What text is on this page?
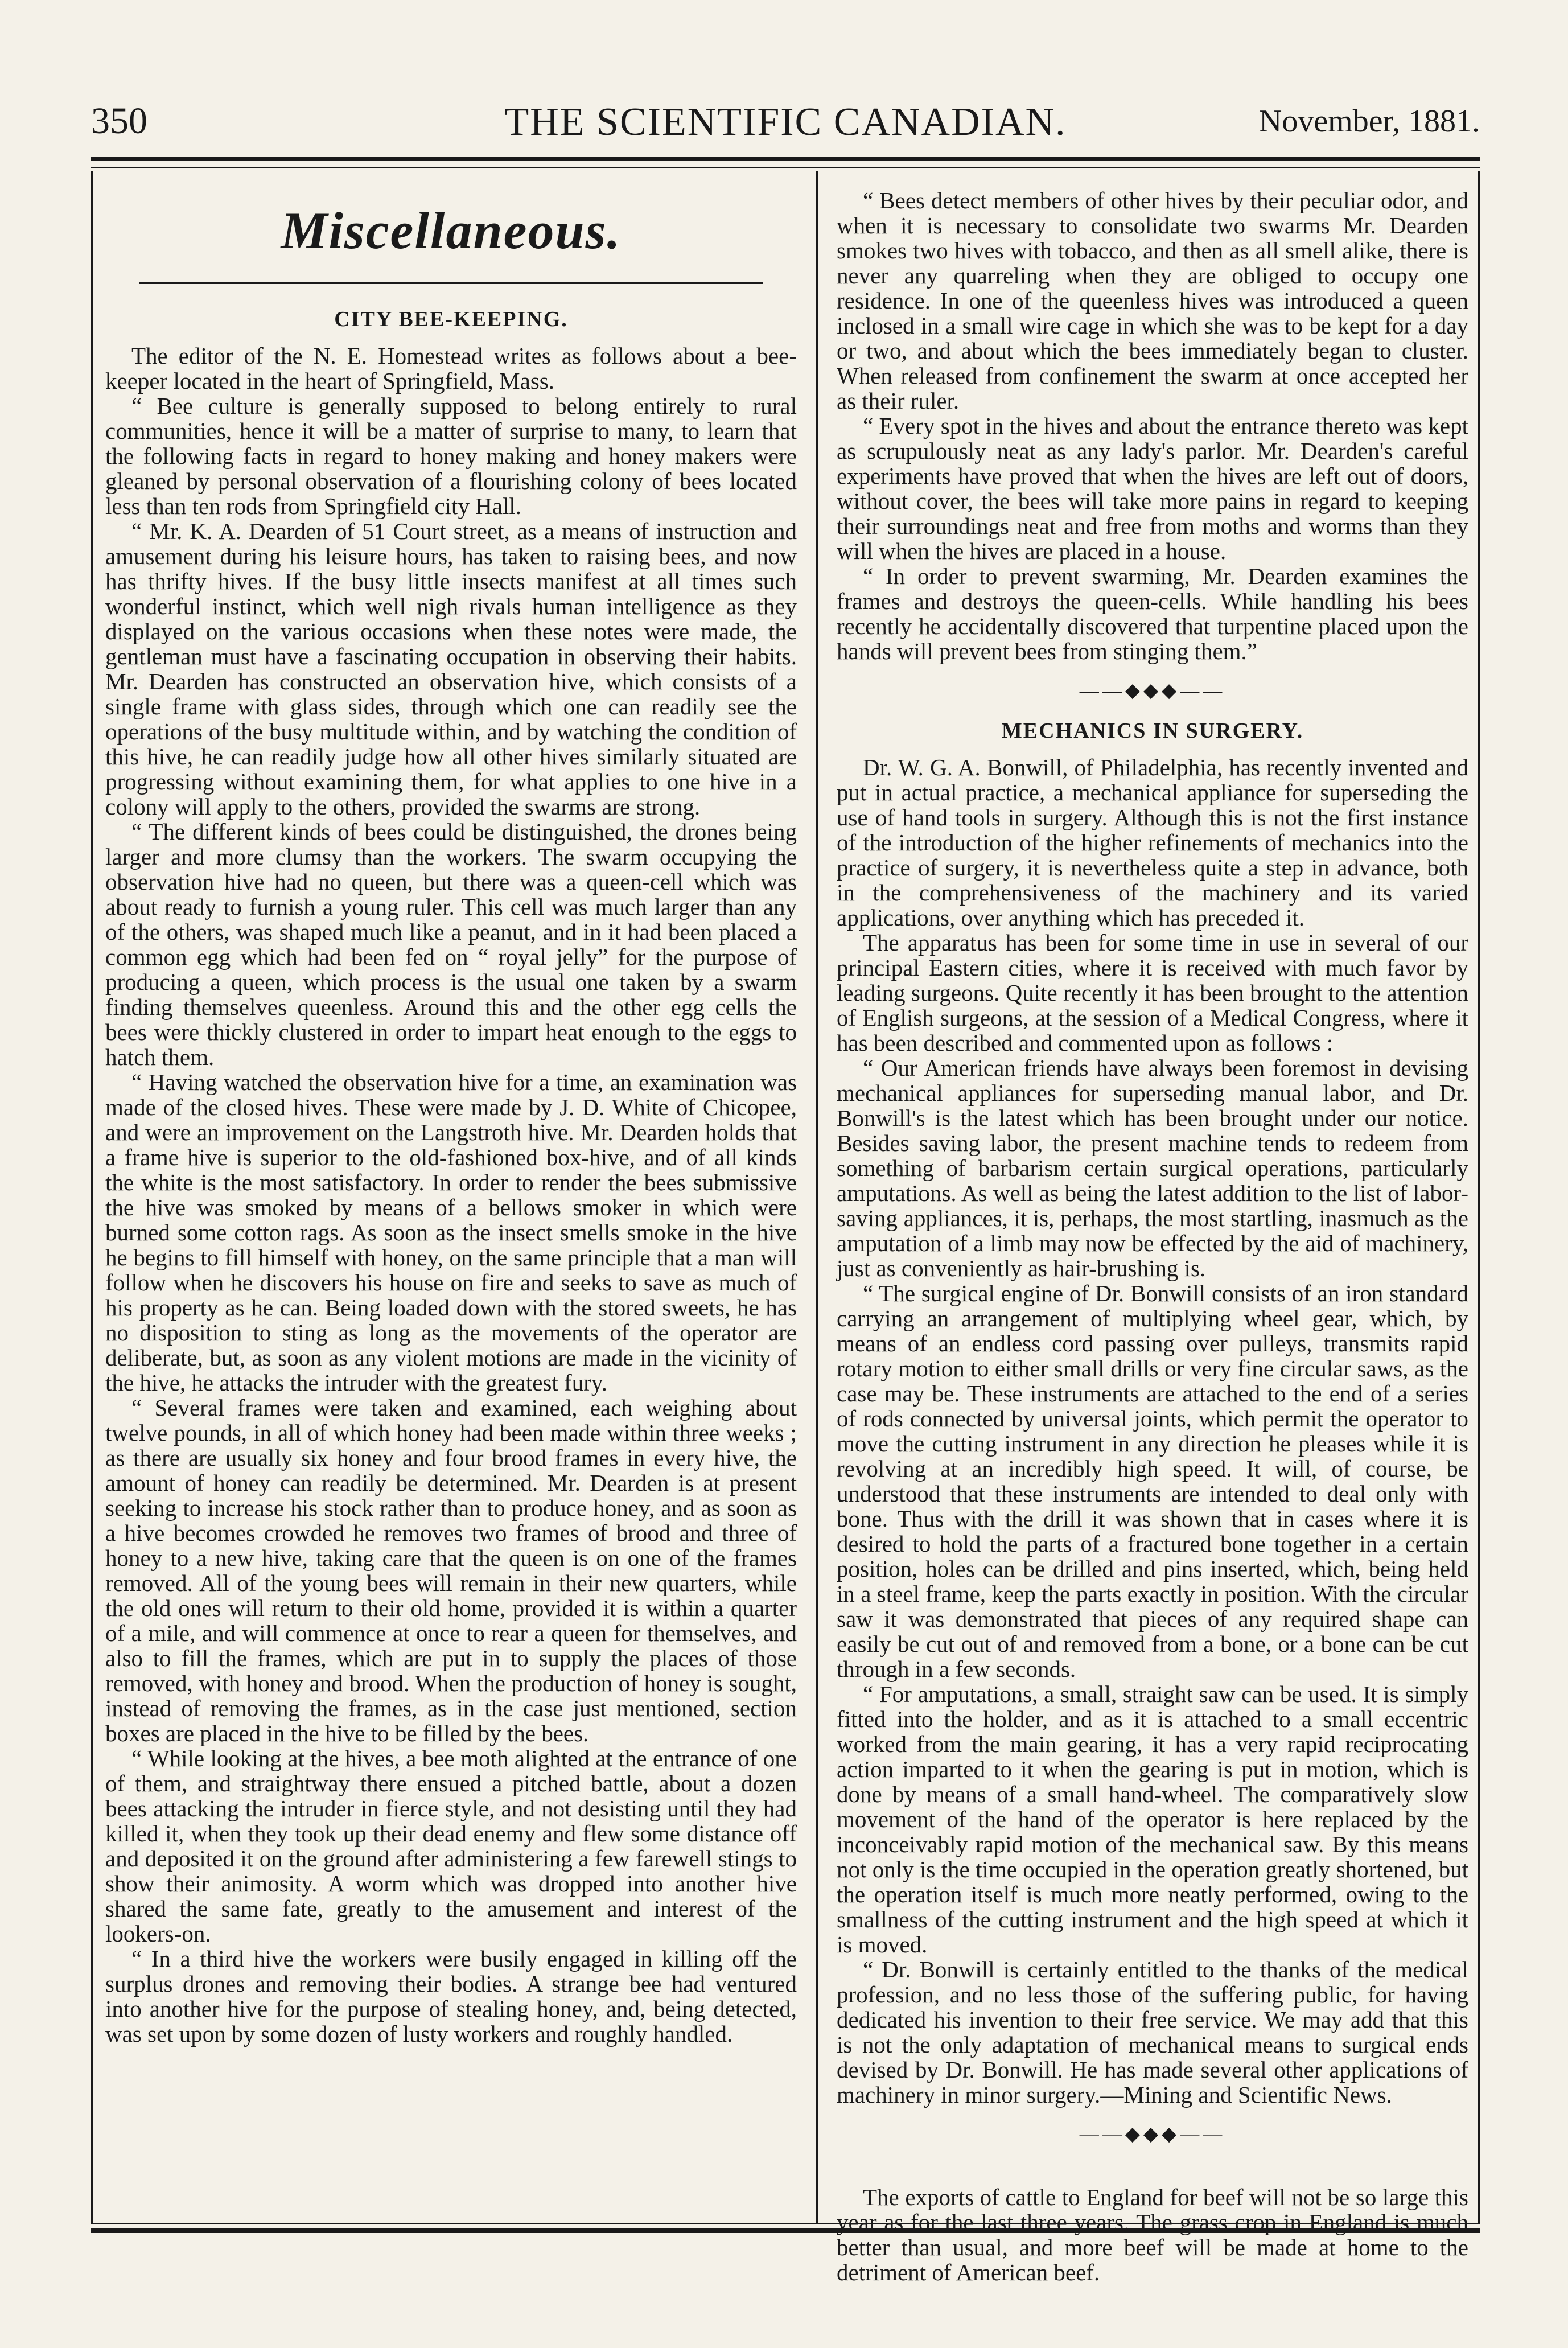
350	THE SCIENTIFIC CANADIAN.	November, 1881.
Miscellaneous.
CITY BEE-KEEPING.

The editor of the N. E. Homestead writes as follows about a bee-keeper located in the heart of Springfield, Mass.

“ Bee culture is generally supposed to belong entirely to rural communities, hence it will be a matter of surprise to many, to learn that the following facts in regard to honey making and honey makers were gleaned by personal observation of a flourishing colony of bees located less than ten rods from Springfield city Hall.

“ Mr. K. A. Dearden of 51 Court street, as a means of instruction and amusement during his leisure hours, has taken to raising bees, and now has thrifty hives. If the busy little insects manifest at all times such wonderful instinct, which well nigh rivals human intelligence as they displayed on the various occasions when these notes were made, the gentleman must have a fascinating occupation in observing their habits. Mr. Dearden has constructed an observation hive, which consists of a single frame with glass sides, through which one can readily see the operations of the busy multitude within, and by watching the condition of this hive, he can readily judge how all other hives similarly situated are progressing without examining them, for what applies to one hive in a colony will apply to the others, provided the swarms are strong.

“ The different kinds of bees could be distinguished, the drones being larger and more clumsy than the workers. The swarm occupying the observation hive had no queen, but there was a queen-cell which was about ready to furnish a young ruler. This cell was much larger than any of the others, was shaped much like a peanut, and in it had been placed a common egg which had been fed on “ royal jelly” for the purpose of producing a queen, which process is the usual one taken by a swarm finding themselves queenless. Around this and the other egg cells the bees were thickly clustered in order to impart heat enough to the eggs to hatch them.

“ Having watched the observation hive for a time, an examination was made of the closed hives. These were made by J. D. White of Chicopee, and were an improvement on the Langstroth hive. Mr. Dearden holds that a frame hive is superior to the old-fashioned box-hive, and of all kinds the white is the most satisfactory. In order to render the bees submissive the hive was smoked by means of a bellows smoker in which were burned some cotton rags. As soon as the insect smells smoke in the hive he begins to fill himself with honey, on the same principle that a man will follow when he discovers his house on fire and seeks to save as much of his property as he can. Being loaded down with the stored sweets, he has no disposition to sting as long as the movements of the operator are deliberate, but, as soon as any violent motions are made in the vicinity of the hive, he attacks the intruder with the greatest fury.

“ Several frames were taken and examined, each weighing about twelve pounds, in all of which honey had been made within three weeks ; as there are usually six honey and four brood frames in every hive, the amount of honey can readily be determined. Mr. Dearden is at present seeking to increase his stock rather than to produce honey, and as soon as a hive becomes crowded he removes two frames of brood and three of honey to a new hive, taking care that the queen is on one of the frames removed. All of the young bees will remain in their new quarters, while the old ones will return to their old home, provided it is within a quarter of a mile, and will commence at once to rear a queen for themselves, and also to fill the frames, which are put in to supply the places of those removed, with honey and brood. When the production of honey is sought, instead of removing the frames, as in the case just mentioned, section boxes are placed in the hive to be filled by the bees.

“ While looking at the hives, a bee moth alighted at the entrance of one of them, and straightway there ensued a pitched battle, about a dozen bees attacking the intruder in fierce style, and not desisting until they had killed it, when they took up their dead enemy and flew some distance off and deposited it on the ground after administering a few farewell stings to show their animosity. A worm which was dropped into another hive shared the same fate, greatly to the amusement and interest of the lookers-on.

“ In a third hive the workers were busily engaged in killing off the surplus drones and removing their bodies. A strange bee had ventured into another hive for the purpose of stealing honey, and, being detected, was set upon by some dozen of lusty workers and roughly handled.

“ Bees detect members of other hives by their peculiar odor, and when it is necessary to consolidate two swarms Mr. Dearden smokes two hives with tobacco, and then as all smell alike, there is never any quarreling when they are obliged to occupy one residence. In one of the queenless hives was introduced a queen inclosed in a small wire cage in which she was to be kept for a day or two, and about which the bees immediately began to cluster. When released from confinement the swarm at once accepted her as their ruler.

“ Every spot in the hives and about the entrance thereto was kept as scrupulously neat as any lady's parlor. Mr. Dearden's careful experiments have proved that when the hives are left out of doors, without cover, the bees will take more pains in regard to keeping their surroundings neat and free from moths and worms than they will when the hives are placed in a house.

“ In order to prevent swarming, Mr. Dearden examines the frames and destroys the queen-cells. While handling his bees recently he accidentally discovered that turpentine placed upon the hands will prevent bees from stinging them.”

——◆◆◆——
MECHANICS IN SURGERY.

Dr. W. G. A. Bonwill, of Philadelphia, has recently invented and put in actual practice, a mechanical appliance for superseding the use of hand tools in surgery. Although this is not the first instance of the introduction of the higher refinements of mechanics into the practice of surgery, it is nevertheless quite a step in advance, both in the comprehensiveness of the machinery and its varied applications, over anything which has preceded it.

The apparatus has been for some time in use in several of our principal Eastern cities, where it is received with much favor by leading surgeons. Quite recently it has been brought to the attention of English surgeons, at the session of a Medical Congress, where it has been described and commented upon as follows :

“ Our American friends have always been foremost in devising mechanical appliances for superseding manual labor, and Dr. Bonwill's is the latest which has been brought under our notice. Besides saving labor, the present machine tends to redeem from something of barbarism certain surgical operations, particularly amputations. As well as being the latest addition to the list of labor-saving appliances, it is, perhaps, the most startling, inasmuch as the amputation of a limb may now be effected by the aid of machinery, just as conveniently as hair-brushing is.

“ The surgical engine of Dr. Bonwill consists of an iron standard carrying an arrangement of multiplying wheel gear, which, by means of an endless cord passing over pulleys, transmits rapid rotary motion to either small drills or very fine circular saws, as the case may be. These instruments are attached to the end of a series of rods connected by universal joints, which permit the operator to move the cutting instrument in any direction he pleases while it is revolving at an incredibly high speed. It will, of course, be understood that these instruments are intended to deal only with bone. Thus with the drill it was shown that in cases where it is desired to hold the parts of a fractured bone together in a certain position, holes can be drilled and pins inserted, which, being held in a steel frame, keep the parts exactly in position. With the circular saw it was demonstrated that pieces of any required shape can easily be cut out of and removed from a bone, or a bone can be cut through in a few seconds.

“ For amputations, a small, straight saw can be used. It is simply fitted into the holder, and as it is attached to a small eccentric worked from the main gearing, it has a very rapid reciprocating action imparted to it when the gearing is put in motion, which is done by means of a small hand-wheel. The comparatively slow movement of the hand of the operator is here replaced by the inconceivably rapid motion of the mechanical saw. By this means not only is the time occupied in the operation greatly shortened, but the operation itself is much more neatly performed, owing to the smallness of the cutting instrument and the high speed at which it is moved.

“ Dr. Bonwill is certainly entitled to the thanks of the medical profession, and no less those of the suffering public, for having dedicated his invention to their free service. We may add that this is not the only adaptation of mechanical means to surgical ends devised by Dr. Bonwill. He has made several other applications of machinery in minor surgery.—Mining and Scientific News.

——◆◆◆——

The exports of cattle to England for beef will not be so large this year as for the last three years. The grass crop in England is much better than usual, and more beef will be made at home to the detriment of American beef.
